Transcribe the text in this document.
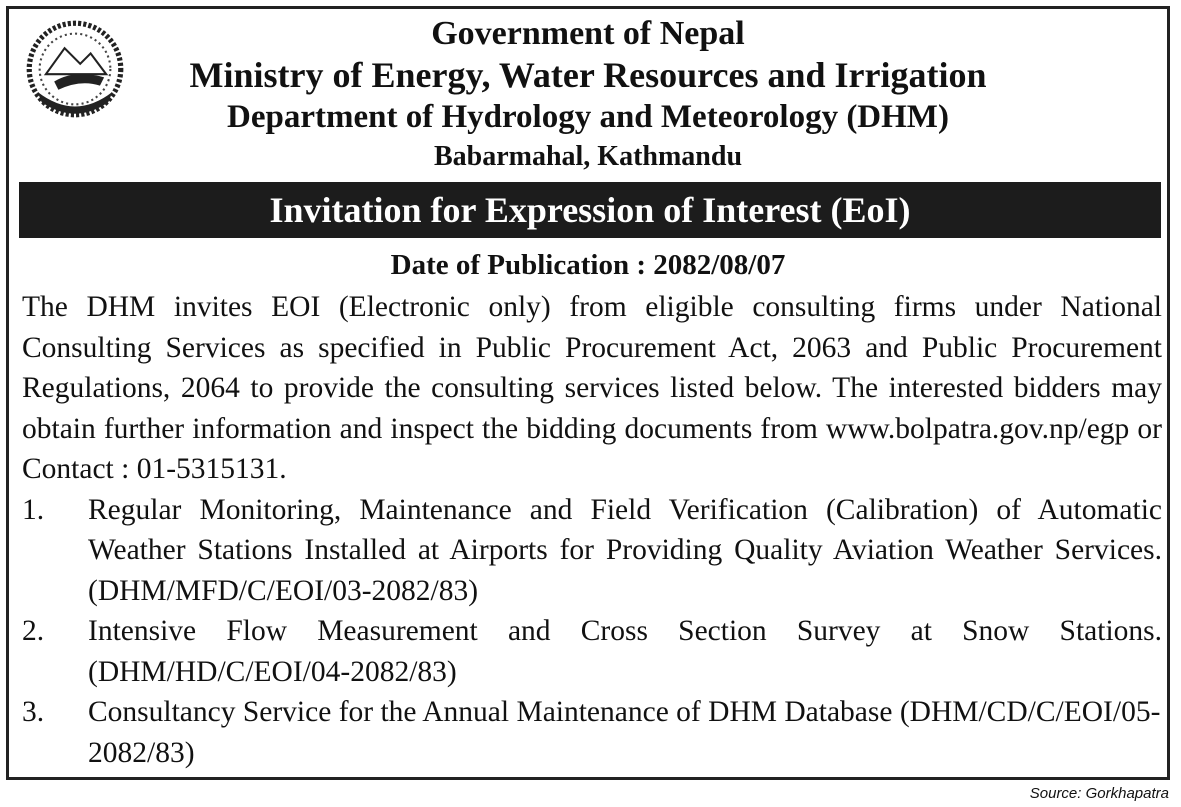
Government of Nepal
Ministry of Energy, Water Resources and Irrigation
Department of Hydrology and Meteorology (DHM)
Babarmahal, Kathmandu
Invitation for Expression of Interest (EoI)
Date of Publication : 2082/08/07

The DHM invites EOI (Electronic only) from eligible consulting firms under National Consulting Services as specified in Public Procurement Act, 2063 and Public Procurement Regulations, 2064 to provide the consulting services listed below. The interested bidders may obtain further information and inspect the bidding documents from www.bolpatra.gov.np/egp or Contact : 01-5315131.

1.	Regular Monitoring, Maintenance and Field Verification (Calibration) of Automatic Weather Stations Installed at Airports for Providing Quality Aviation Weather Services. (DHM/MFD/C/EOI/03-2082/83)
2.	Intensive Flow Measurement and Cross Section Survey at Snow Stations. (DHM/HD/C/EOI/04-2082/83)
3.	Consultancy Service for the Annual Maintenance of DHM Database (DHM/CD/C/EOI/05-2082/83)
Source: Gorkhapatra
